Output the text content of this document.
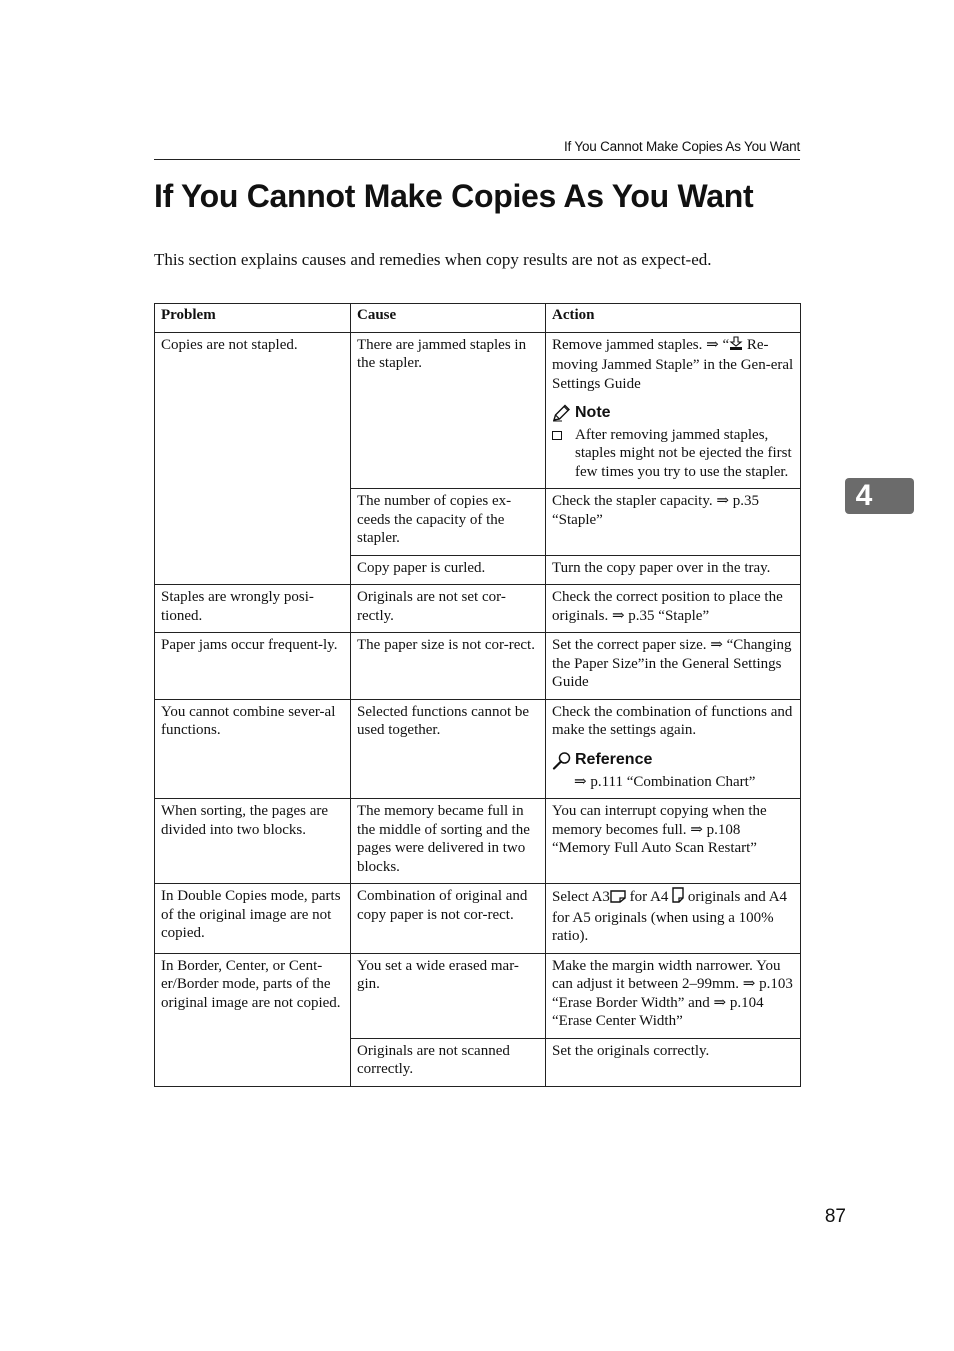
If You Cannot Make Copies As You Want
If You Cannot Make Copies As You Want

This section explains causes and remedies when copy results are not as expect-ed.

4
Problem	Cause	Action
Copies are not stapled.	There are jammed staples in the stapler.	Remove jammed staples. ⇒ “ Re-moving Jammed Staple” in the Gen-eral Settings Guide
Note
After removing jammed staples, staples might not be ejected the first few times you try to use the stapler.

	The number of copies ex-ceeds the capacity of the stapler.	Check the stapler capacity. ⇒ p.35 “Staple”
	Copy paper is curled.	Turn the copy paper over in the tray.
Staples are wrongly posi-tioned.	Originals are not set cor-rectly.	Check the correct position to place the originals. ⇒ p.35 “Staple”
Paper jams occur frequent-ly.	The paper size is not cor-rect.	Set the correct paper size. ⇒ “Changing the Paper Size”in the General Settings Guide
You cannot combine sever-al functions.	Selected functions cannot be used together.	Check the combination of functions and make the settings again.
Reference
⇒ p.111 “Combination Chart”

When sorting, the pages are divided into two blocks.	The memory became full in the middle of sorting and the pages were delivered in two blocks.	You can interrupt copying when the memory becomes full. ⇒ p.108 “Memory Full Auto Scan Restart”
In Double Copies mode, parts of the original image are not copied.	Combination of original and copy paper is not cor-rect.	Select A3 for A4  originals and A4 for A5 originals (when using a 100% ratio).
In Border, Center, or Cent-er/Border mode, parts of the original image are not copied.	You set a wide erased mar-gin.	Make the margin width narrower. You can adjust it between 2–99mm. ⇒ p.103 “Erase Border Width” and ⇒ p.104 “Erase Center Width”
	Originals are not scanned correctly.	Set the originals correctly.
87
